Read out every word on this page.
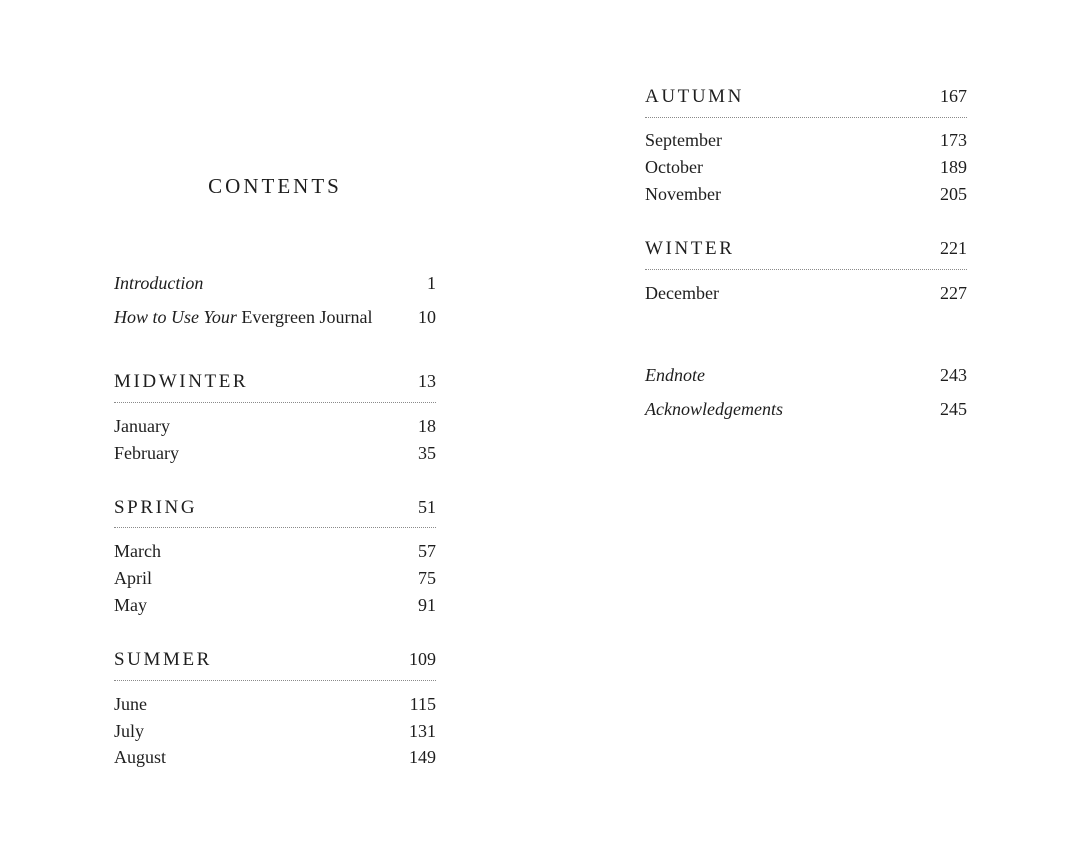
CONTENTS
Introduction	1
How to Use Your Evergreen Journal	10
MIDWINTER	13
January	18
February	35
SPRING	51
March	57
April	75
May	91
SUMMER	109
June	115
July	131
August	149
AUTUMN	167
September	173
October	189
November	205
WINTER	221
December	227
Endnote	243
Acknowledgements	245
